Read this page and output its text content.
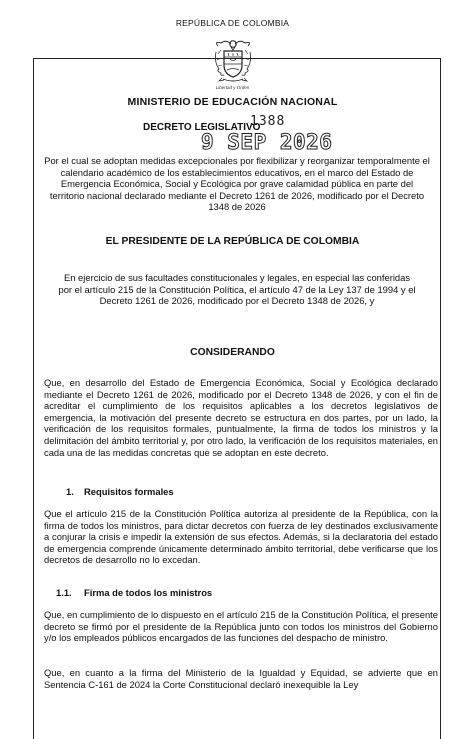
REPÚBLICA DE COLOMBIA
Libertad y Orden
MINISTERIO DE EDUCACIÓN NACIONAL
DECRETO LEGISLATIVO
1388
9 SEP 2026
Por el cual se adoptan medidas excepcionales por flexibilizar y reorganizar temporalmente el calendario académico de los establecimientos educativos, en el marco del Estado de Emergencia Económica, Social y Ecológica por grave calamidad pública en parte del territorio nacional declarado mediante el Decreto 1261 de 2026, modificado por el Decreto 1348 de 2026
EL PRESIDENTE DE LA REPÚBLICA DE COLOMBIA
En ejercicio de sus facultades constitucionales y legales, en especial las conferidas por el artículo 215 de la Constitución Política, el artículo 47 de la Ley 137 de 1994 y el Decreto 1261 de 2026, modificado por el Decreto 1348 de 2026, y
CONSIDERANDO
Que, en desarrollo del Estado de Emergencia Económica, Social y Ecológica declarado mediante el Decreto 1261 de 2026, modificado por el Decreto 1348 de 2026, y con el fin de acreditar el cumplimiento de los requisitos aplicables a los decretos legislativos de emergencia, la motivación del presente decreto se estructura en dos partes, por un lado, la verificación de los requisitos formales, puntualmente, la firma de todos los ministros y la delimitación del ámbito territorial y, por otro lado, la verificación de los requisitos materiales, en cada una de las medidas concretas que se adoptan en este decreto.
1. Requisitos formales
Que el artículo 215 de la Constitución Política autoriza al presidente de la República, con la firma de todos los ministros, para dictar decretos con fuerza de ley destinados exclusivamente a conjurar la crisis e impedir la extensión de sus efectos. Además, si la declaratoria del estado de emergencia comprende únicamente determinado ámbito territorial, debe verificarse que los decretos de desarrollo no lo excedan.
1.1. Firma de todos los ministros
Que, en cumplimiento de lo dispuesto en el artículo 215 de la Constitución Política, el presente decreto se firmó por el presidente de la República junto con todos los ministros del Gobierno y/o los empleados públicos encargados de las funciones del despacho de ministro.
Que, en cuanto a la firma del Ministerio de la Igualdad y Equidad, se advierte que en Sentencia C-161 de 2024 la Corte Constitucional declaró inexequible la Ley
